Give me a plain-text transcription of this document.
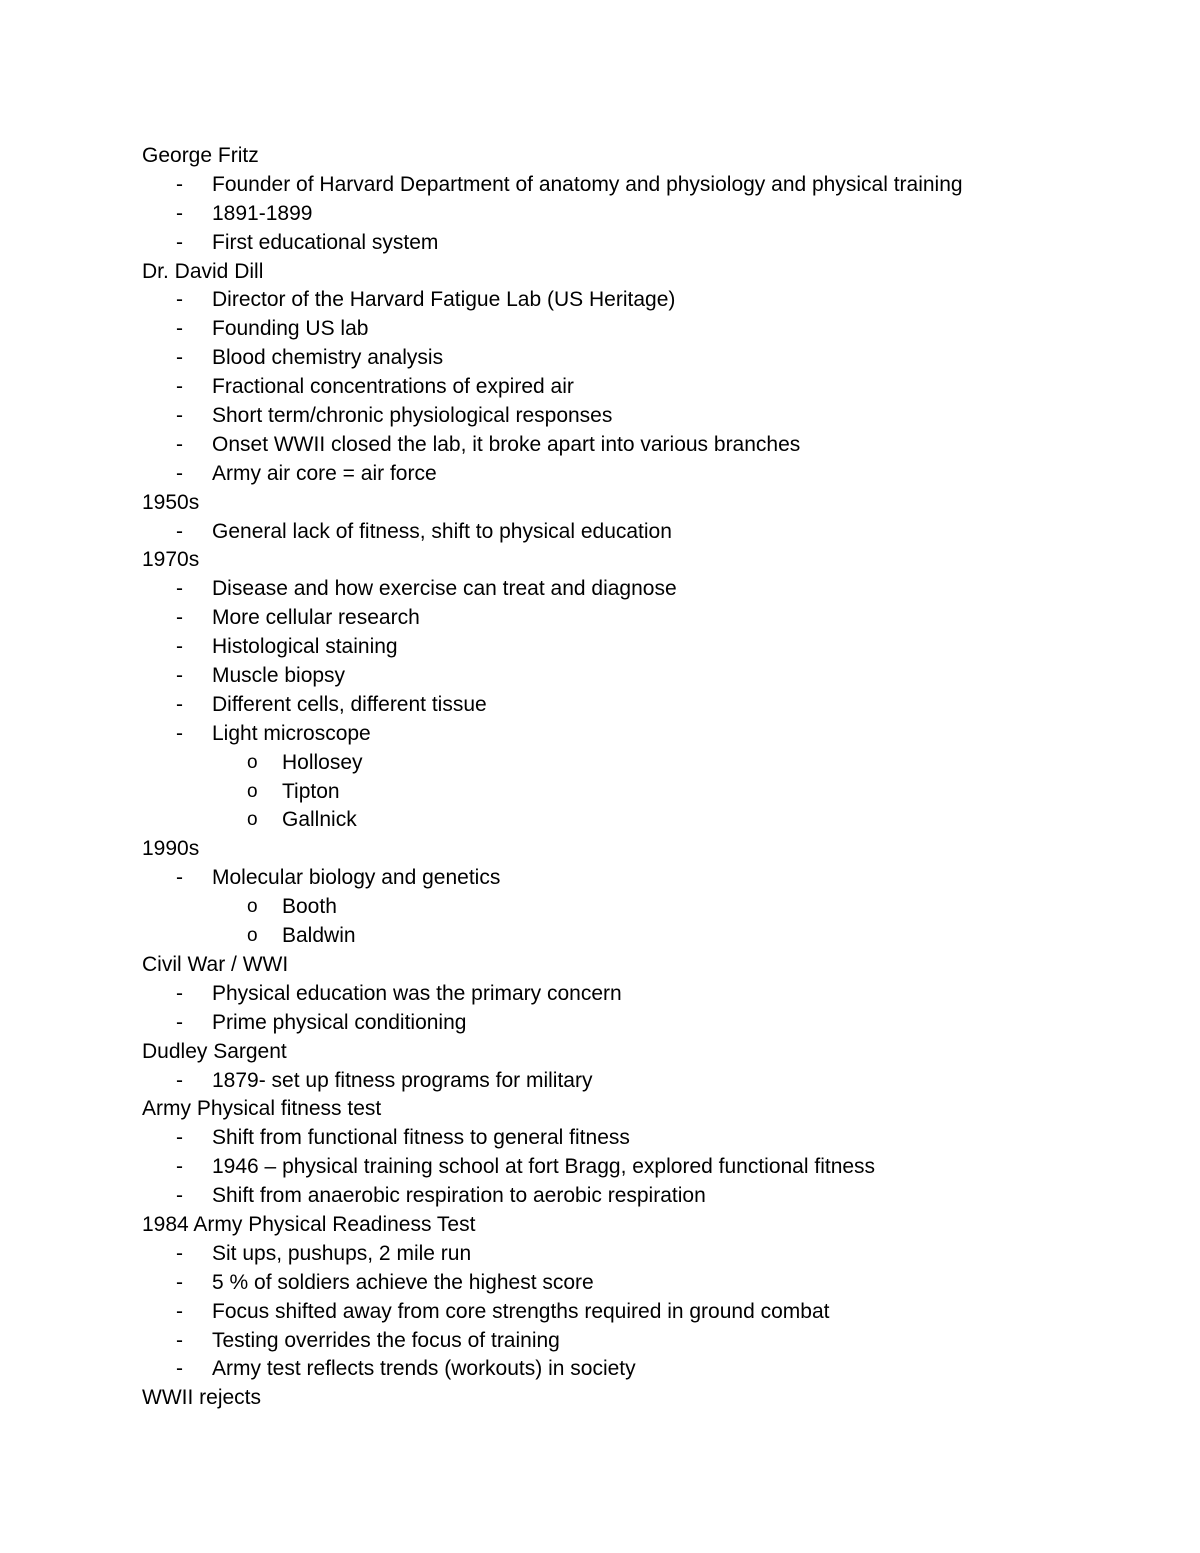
George Fritz
- Founder of Harvard Department of anatomy and physiology and physical training
- 1891-1899
- First educational system
Dr. David Dill
- Director of the Harvard Fatigue Lab (US Heritage)
- Founding US lab
- Blood chemistry analysis
- Fractional concentrations of expired air
- Short term/chronic physiological responses
- Onset WWII closed the lab, it broke apart into various branches
- Army air core = air force
1950s
- General lack of fitness, shift to physical education
1970s
- Disease and how exercise can treat and diagnose
- More cellular research
- Histological staining
- Muscle biopsy
- Different cells, different tissue
- Light microscope
o Hollosey
o Tipton
o Gallnick
1990s
- Molecular biology and genetics
o Booth
o Baldwin
Civil War / WWI
- Physical education was the primary concern
- Prime physical conditioning
Dudley Sargent
- 1879- set up fitness programs for military
Army Physical fitness test
- Shift from functional fitness to general fitness
- 1946 – physical training school at fort Bragg, explored functional fitness
- Shift from anaerobic respiration to aerobic respiration
1984 Army Physical Readiness Test
- Sit ups, pushups, 2 mile run
- 5 % of soldiers achieve the highest score
- Focus shifted away from core strengths required in ground combat
- Testing overrides the focus of training
- Army test reflects trends (workouts) in society
WWII rejects
